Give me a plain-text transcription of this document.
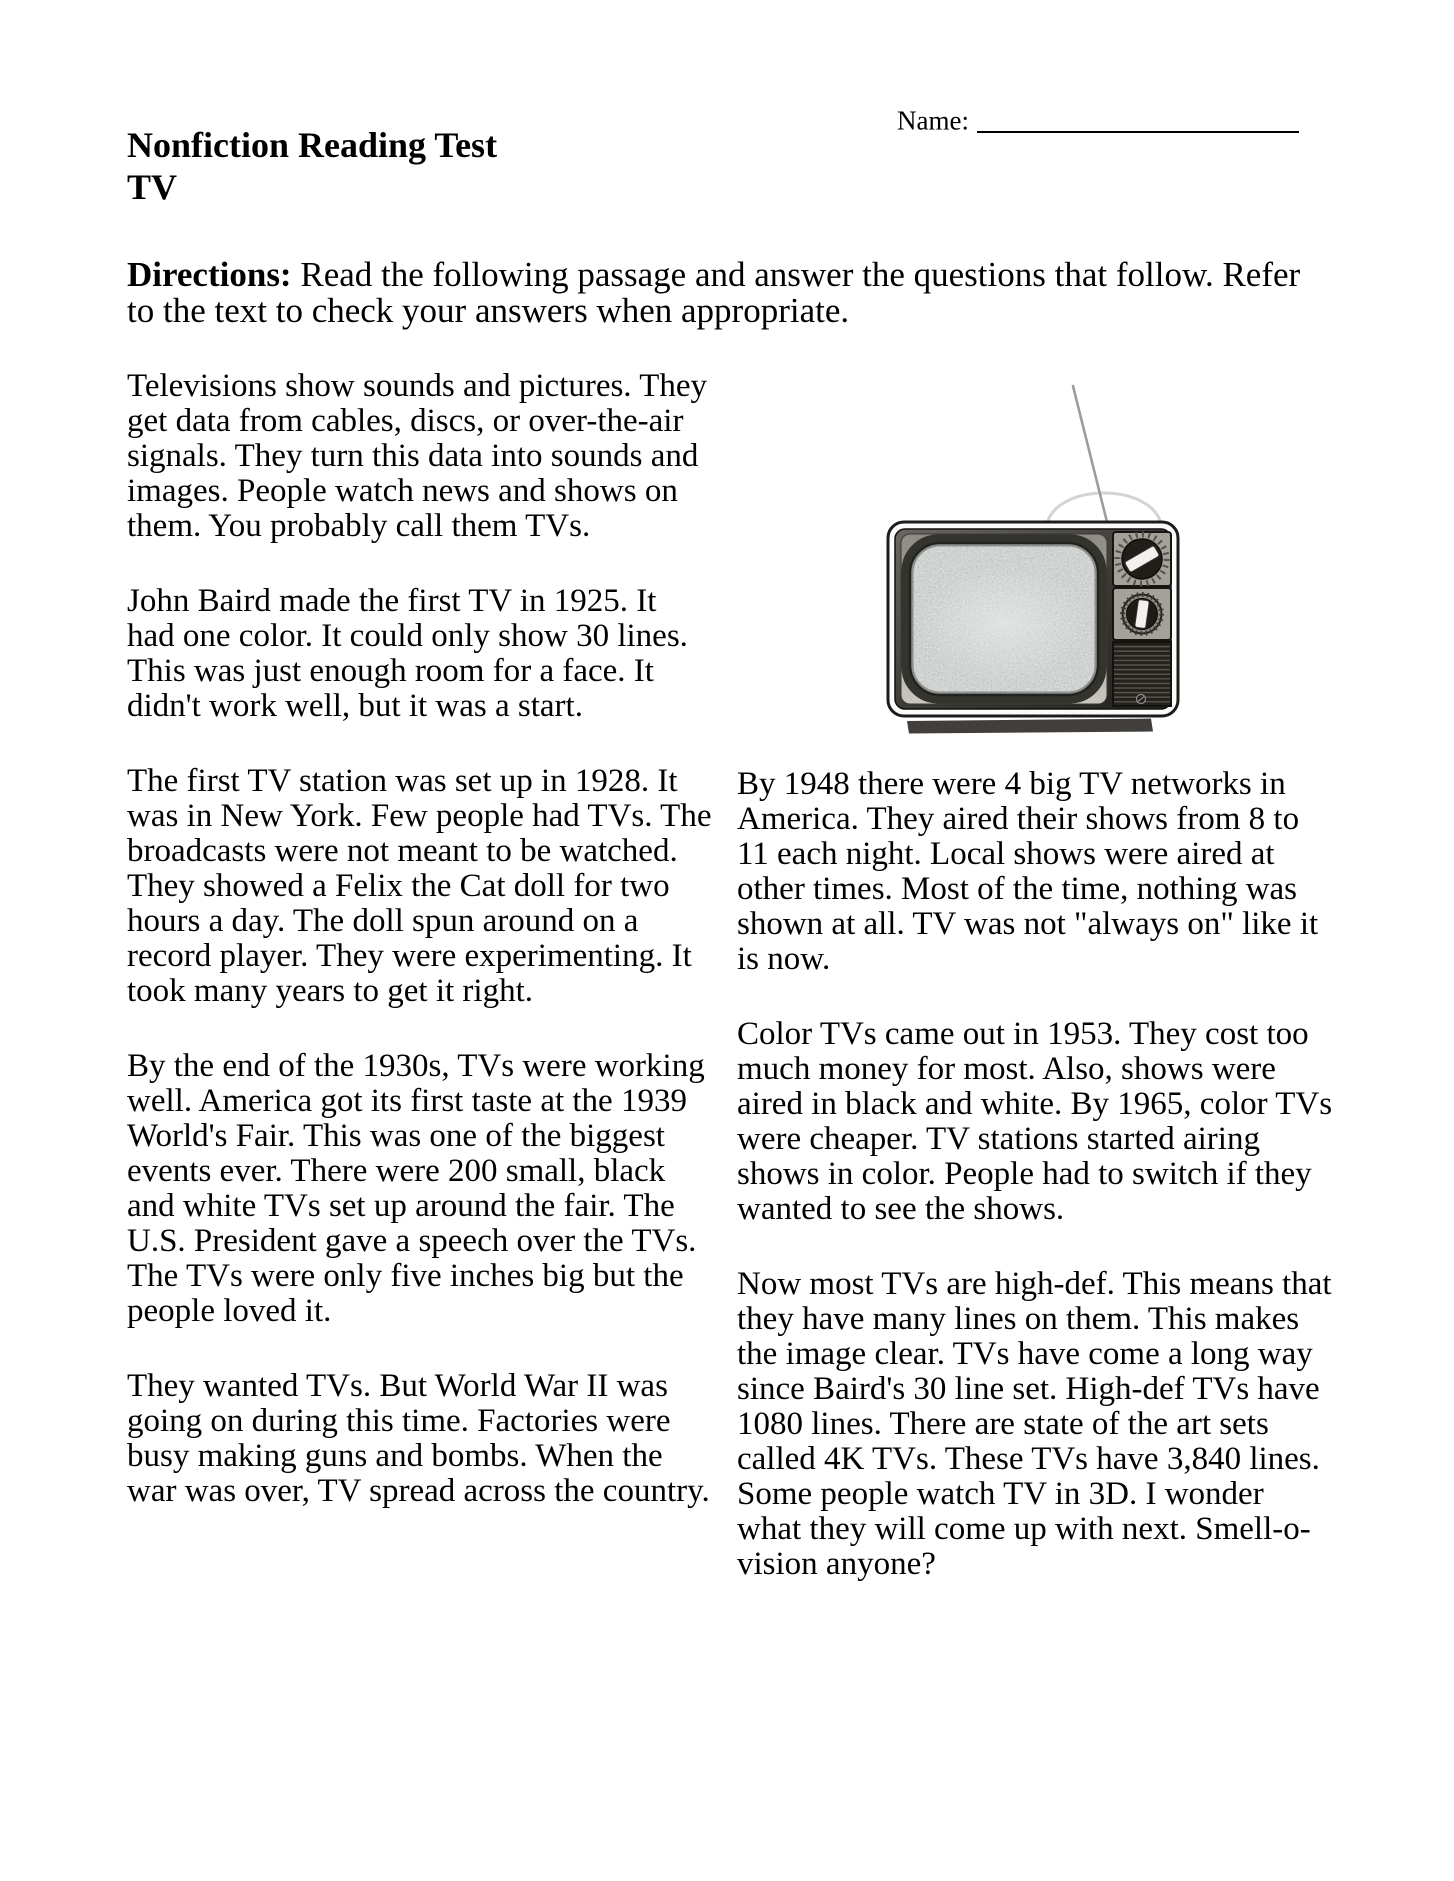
Name:
Nonfiction Reading Test
TV

Directions: Read the following passage and answer the questions that follow. Refer to the text to check your answers when appropriate.

Televisions show sounds and pictures. They get data from cables, discs, or over-the-air signals. They turn this data into sounds and images. People watch news and shows on them. You probably call them TVs.

John Baird made the first TV in 1925. It had one color. It could only show 30 lines. This was just enough room for a face. It didn't work well, but it was a start.

The first TV station was set up in 1928. It was in New York. Few people had TVs. The broadcasts were not meant to be watched. They showed a Felix the Cat doll for two hours a day. The doll spun around on a record player. They were experimenting. It took many years to get it right.

By the end of the 1930s, TVs were working well. America got its first taste at the 1939 World's Fair. This was one of the biggest events ever. There were 200 small, black and white TVs set up around the fair. The U.S. President gave a speech over the TVs. The TVs were only five inches big but the people loved it.

They wanted TVs. But World War II was going on during this time. Factories were busy making guns and bombs. When the war was over, TV spread across the country.

By 1948 there were 4 big TV networks in America. They aired their shows from 8 to 11 each night. Local shows were aired at other times. Most of the time, nothing was shown at all. TV was not "always on" like it is now.

Color TVs came out in 1953. They cost too much money for most. Also, shows were aired in black and white. By 1965, color TVs were cheaper. TV stations started airing shows in color. People had to switch if they wanted to see the shows.

Now most TVs are high-def. This means that they have many lines on them. This makes the image clear. TVs have come a long way since Baird's 30 line set. High-def TVs have 1080 lines. There are state of the art sets called 4K TVs. These TVs have 3,840 lines. Some people watch TV in 3D. I wonder what they will come up with next. Smell-o-vision anyone?
